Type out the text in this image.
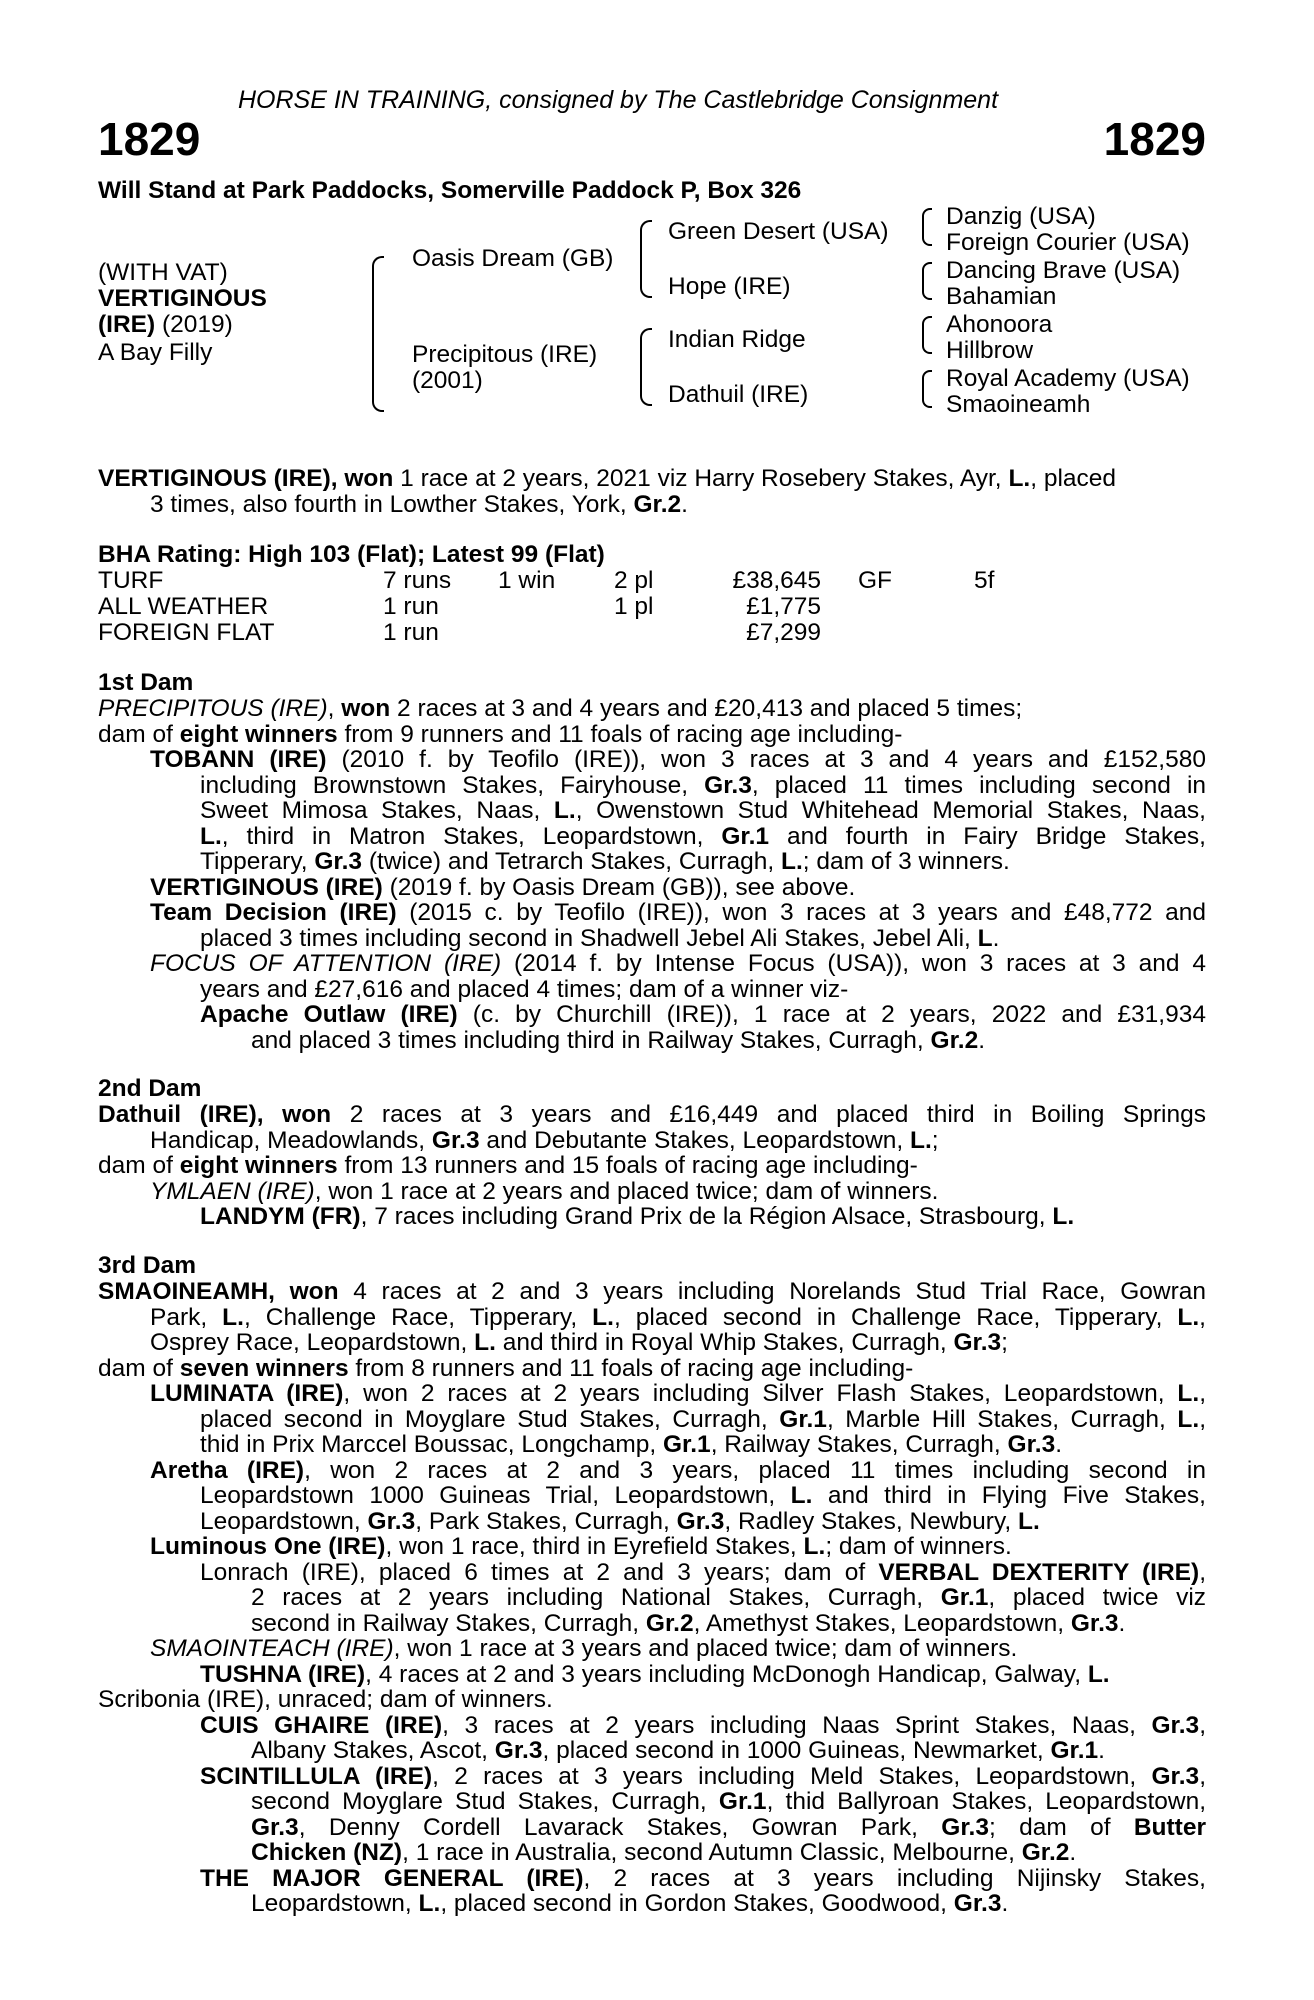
HORSE IN TRAINING, consigned by The Castlebridge Consignment
1829	1829
Will Stand at Park Paddocks, Somerville Paddock P, Box 326
(WITH VAT)
VERTIGINOUS
(IRE) (2019)
A Bay Filly
Oasis Dream (GB)
Precipitous (IRE)
(2001)
Green Desert (USA)
Hope (IRE)
Indian Ridge
Dathuil (IRE)
Danzig (USA)
Foreign Courier (USA)
Dancing Brave (USA)
Bahamian
Ahonoora
Hillbrow
Royal Academy (USA)
Smaoineamh
VERTIGINOUS (IRE), won 1 race at 2 years, 2021 viz Harry Rosebery Stakes, Ayr, L., placed
3 times, also fourth in Lowther Stakes, York, Gr.2.
BHA Rating: High 103 (Flat); Latest 99 (Flat)
TURF	7 runs 1 win 2 pl	£38,645 GF	5f
ALL WEATHER	1 run	1 pl	£1,775
FOREIGN FLAT	1 run	£7,299
1st Dam
PRECIPITOUS (IRE), won 2 races at 3 and 4 years and £20,413 and placed 5 times;
dam of eight winners from 9 runners and 11 foals of racing age including-
TOBANN (IRE) (2010 f. by Teofilo (IRE)), won 3 races at 3 and 4 years and £152,580
including Brownstown Stakes, Fairyhouse, Gr.3, placed 11 times including second in
Sweet Mimosa Stakes, Naas, L., Owenstown Stud Whitehead Memorial Stakes, Naas,
L., third in Matron Stakes, Leopardstown, Gr.1 and fourth in Fairy Bridge Stakes,
Tipperary, Gr.3 (twice) and Tetrarch Stakes, Curragh, L.; dam of 3 winners.
VERTIGINOUS (IRE) (2019 f. by Oasis Dream (GB)), see above.
Team Decision (IRE) (2015 c. by Teofilo (IRE)), won 3 races at 3 years and £48,772 and
placed 3 times including second in Shadwell Jebel Ali Stakes, Jebel Ali, L.
FOCUS OF ATTENTION (IRE) (2014 f. by Intense Focus (USA)), won 3 races at 3 and 4
years and £27,616 and placed 4 times; dam of a winner viz-
Apache Outlaw (IRE) (c. by Churchill (IRE)), 1 race at 2 years, 2022 and £31,934
and placed 3 times including third in Railway Stakes, Curragh, Gr.2.
2nd Dam
Dathuil (IRE), won 2 races at 3 years and £16,449 and placed third in Boiling Springs
Handicap, Meadowlands, Gr.3 and Debutante Stakes, Leopardstown, L.;
dam of eight winners from 13 runners and 15 foals of racing age including-
YMLAEN (IRE), won 1 race at 2 years and placed twice; dam of winners.
LANDYM (FR), 7 races including Grand Prix de la Région Alsace, Strasbourg, L.
3rd Dam
SMAOINEAMH, won 4 races at 2 and 3 years including Norelands Stud Trial Race, Gowran
Park, L., Challenge Race, Tipperary, L., placed second in Challenge Race, Tipperary, L.,
Osprey Race, Leopardstown, L. and third in Royal Whip Stakes, Curragh, Gr.3;
dam of seven winners from 8 runners and 11 foals of racing age including-
LUMINATA (IRE), won 2 races at 2 years including Silver Flash Stakes, Leopardstown, L.,
placed second in Moyglare Stud Stakes, Curragh, Gr.1, Marble Hill Stakes, Curragh, L.,
thid in Prix Marccel Boussac, Longchamp, Gr.1, Railway Stakes, Curragh, Gr.3.
Aretha (IRE), won 2 races at 2 and 3 years, placed 11 times including second in
Leopardstown 1000 Guineas Trial, Leopardstown, L. and third in Flying Five Stakes,
Leopardstown, Gr.3, Park Stakes, Curragh, Gr.3, Radley Stakes, Newbury, L.
Luminous One (IRE), won 1 race, third in Eyrefield Stakes, L.; dam of winners.
Lonrach (IRE), placed 6 times at 2 and 3 years; dam of VERBAL DEXTERITY (IRE),
2 races at 2 years including National Stakes, Curragh, Gr.1, placed twice viz
second in Railway Stakes, Curragh, Gr.2, Amethyst Stakes, Leopardstown, Gr.3.
SMAOINTEACH (IRE), won 1 race at 3 years and placed twice; dam of winners.
TUSHNA (IRE), 4 races at 2 and 3 years including McDonogh Handicap, Galway, L.
Scribonia (IRE), unraced; dam of winners.
CUIS GHAIRE (IRE), 3 races at 2 years including Naas Sprint Stakes, Naas, Gr.3,
Albany Stakes, Ascot, Gr.3, placed second in 1000 Guineas, Newmarket, Gr.1.
SCINTILLULA (IRE), 2 races at 3 years including Meld Stakes, Leopardstown, Gr.3,
second Moyglare Stud Stakes, Curragh, Gr.1, thid Ballyroan Stakes, Leopardstown,
Gr.3, Denny Cordell Lavarack Stakes, Gowran Park, Gr.3; dam of Butter
Chicken (NZ), 1 race in Australia, second Autumn Classic, Melbourne, Gr.2.
THE MAJOR GENERAL (IRE), 2 races at 3 years including Nijinsky Stakes,
Leopardstown, L., placed second in Gordon Stakes, Goodwood, Gr.3.
